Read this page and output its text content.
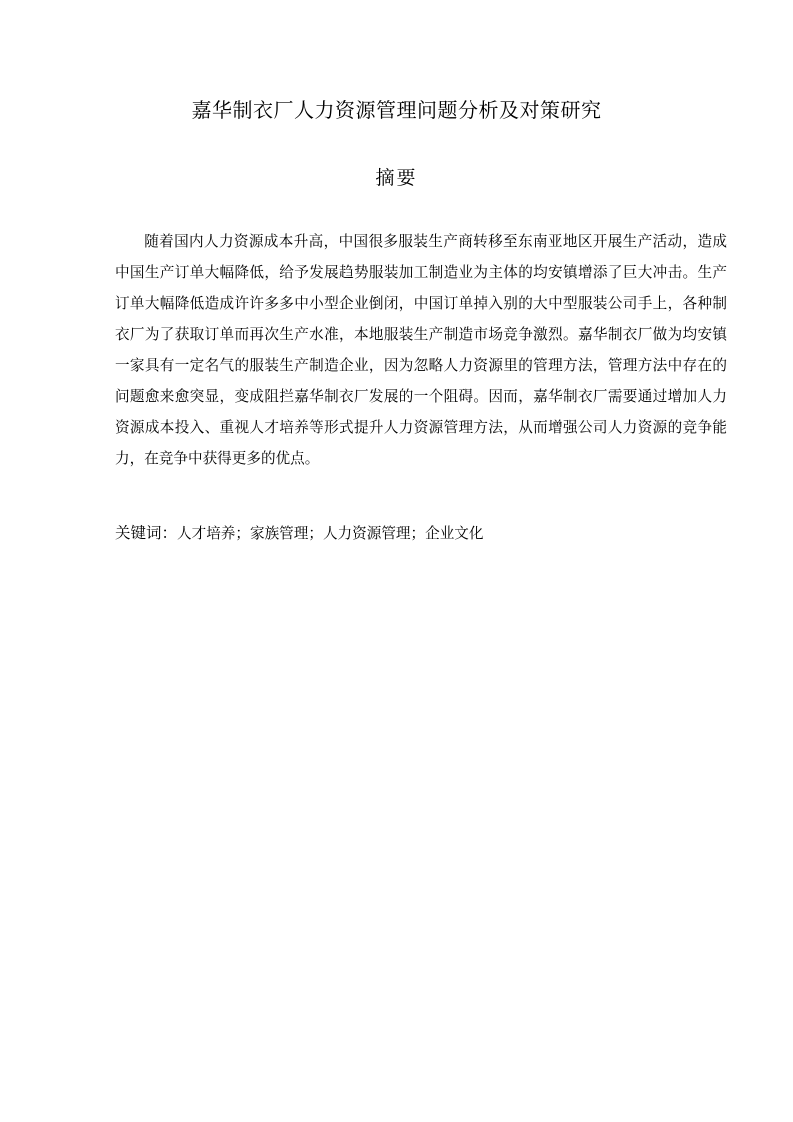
嘉华制衣厂人力资源管理问题分析及对策研究
摘要

随着国内人力资源成本升高，中国很多服装生产商转移至东南亚地区开展生产活动，造成中国生产订单大幅降低，给予发展趋势服装加工制造业为主体的均安镇增添了巨大冲击。生产订单大幅降低造成许许多多中小型企业倒闭，中国订单掉入别的大中型服装公司手上，各种制衣厂为了获取订单而再次生产水准，本地服装生产制造市场竞争激烈。嘉华制衣厂做为均安镇一家具有一定名气的服装生产制造企业，因为忽略人力资源里的管理方法，管理方法中存在的问题愈来愈突显，变成阻拦嘉华制衣厂发展的一个阻碍。因而，嘉华制衣厂需要通过增加人力资源成本投入、重视人才培养等形式提升人力资源管理方法，从而增强公司人力资源的竞争能力，在竞争中获得更多的优点。

关键词：人才培养；家族管理；人力资源管理；企业文化
